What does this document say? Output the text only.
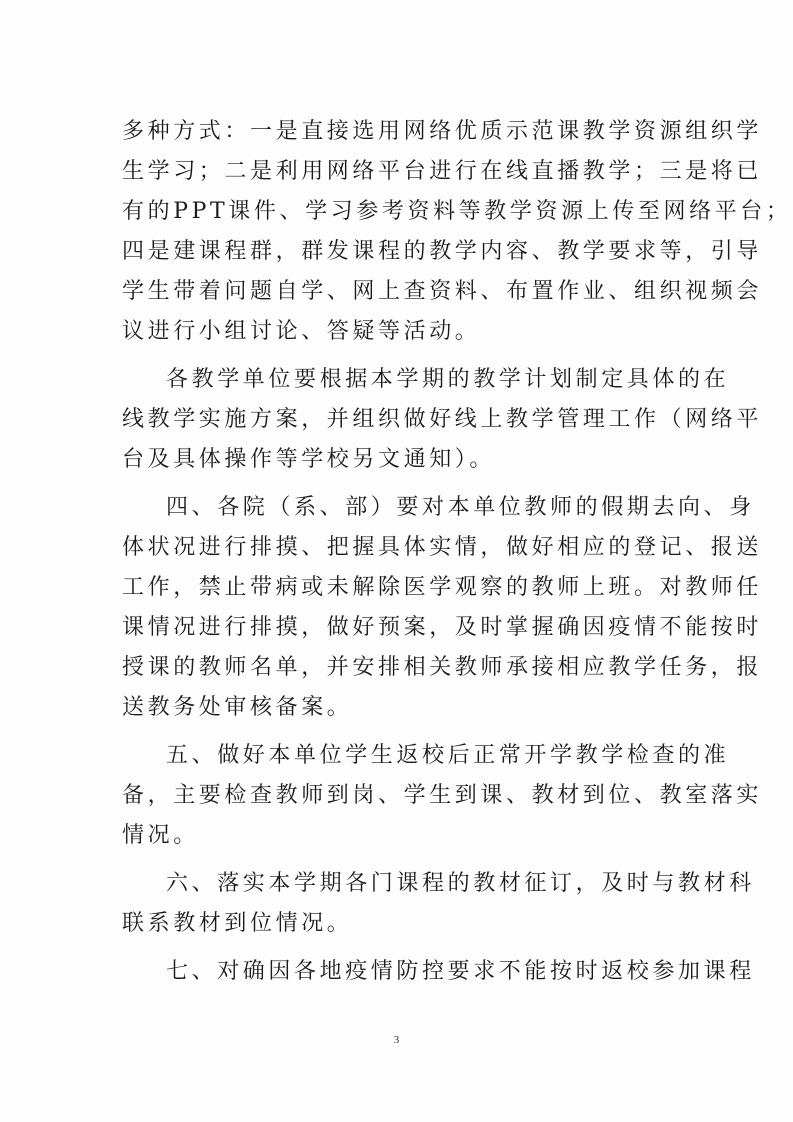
多种方式：一是直接选用网络优质示范课教学资源组织学
生学习；二是利用网络平台进行在线直播教学；三是将已
有的PPT课件、学习参考资料等教学资源上传至网络平台；
四是建课程群，群发课程的教学内容、教学要求等，引导
学生带着问题自学、网上查资料、布置作业、组织视频会
议进行小组讨论、答疑等活动。
各教学单位要根据本学期的教学计划制定具体的在
线教学实施方案，并组织做好线上教学管理工作（网络平
台及具体操作等学校另文通知）。
四、各院（系、部）要对本单位教师的假期去向、身
体状况进行排摸、把握具体实情，做好相应的登记、报送
工作，禁止带病或未解除医学观察的教师上班。对教师任
课情况进行排摸，做好预案，及时掌握确因疫情不能按时
授课的教师名单，并安排相关教师承接相应教学任务，报
送教务处审核备案。
五、做好本单位学生返校后正常开学教学检查的准
备，主要检查教师到岗、学生到课、教材到位、教室落实
情况。
六、落实本学期各门课程的教材征订，及时与教材科
联系教材到位情况。
七、对确因各地疫情防控要求不能按时返校参加课程
3
